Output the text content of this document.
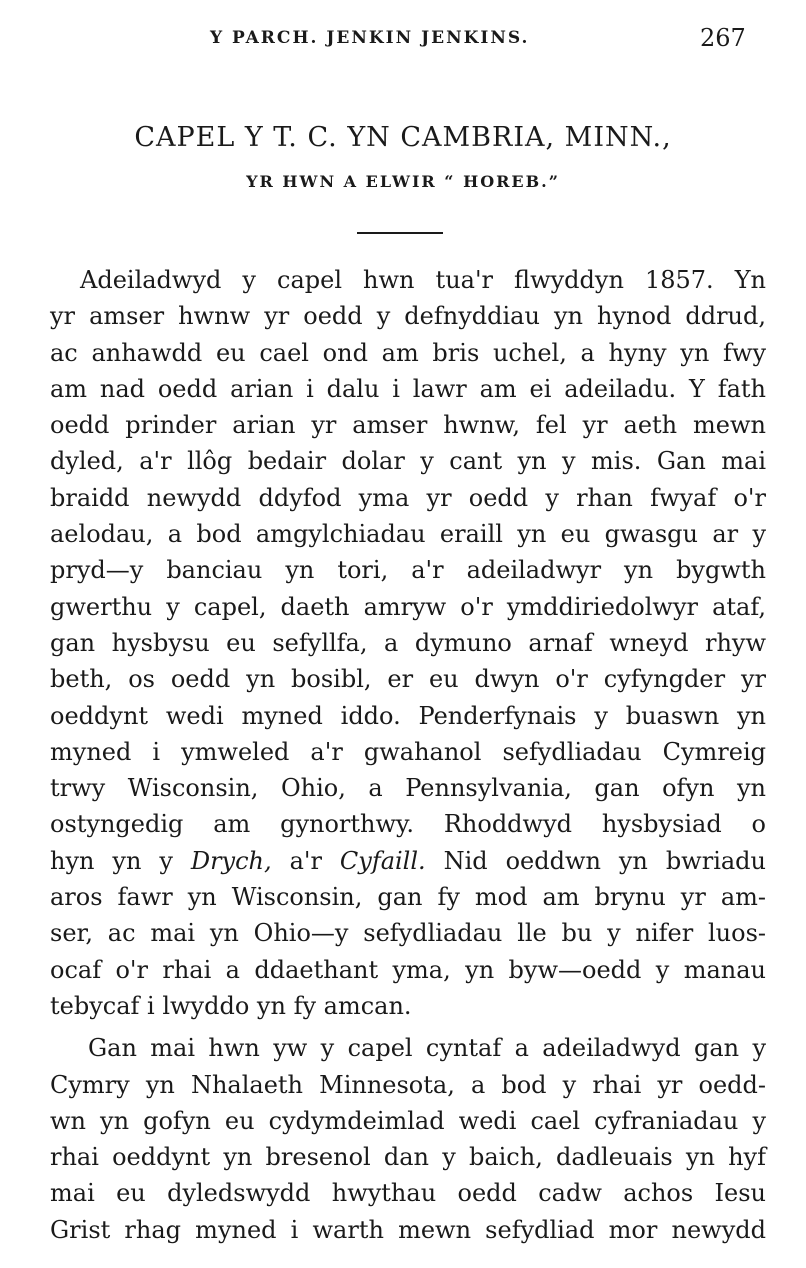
Y PARCH. JENKIN JENKINS.	267
CAPEL Y T. C. YN CAMBRIA, MINN.,
YR HWN A ELWIR “ HOREB.”
Adeiladwyd y capel hwn tua'r flwyddyn 1857. Yn
yr amser hwnw yr oedd y defnyddiau yn hynod ddrud,
ac anhawdd eu cael ond am bris uchel, a hyny yn fwy
am nad oedd arian i dalu i lawr am ei adeiladu. Y fath
oedd prinder arian yr amser hwnw, fel yr aeth mewn
dyled, a'r llôg bedair dolar y cant yn y mis. Gan mai
braidd newydd ddyfod yma yr oedd y rhan fwyaf o'r
aelodau, a bod amgylchiadau eraill yn eu gwasgu ar y
pryd—y banciau yn tori, a'r adeiladwyr yn bygwth
gwerthu y capel, daeth amryw o'r ymddiriedolwyr ataf,
gan hysbysu eu sefyllfa, a dymuno arnaf wneyd rhyw
beth, os oedd yn bosibl, er eu dwyn o'r cyfyngder yr
oeddynt wedi myned iddo. Penderfynais y buaswn yn
myned i ymweled a'r gwahanol sefydliadau Cymreig
trwy Wisconsin, Ohio, a Pennsylvania, gan ofyn yn
ostyngedig am gynorthwy. Rhoddwyd hysbysiad o
hyn yn y Drych, a'r Cyfaill. Nid oeddwn yn bwriadu
aros fawr yn Wisconsin, gan fy mod am brynu yr am-
ser, ac mai yn Ohio—y sefydliadau lle bu y nifer luos-
ocaf o'r rhai a ddaethant yma, yn byw—oedd y manau
tebycaf i lwyddo yn fy amcan.
Gan mai hwn yw y capel cyntaf a adeiladwyd gan y
Cymry yn Nhalaeth Minnesota, a bod y rhai yr oedd-
wn yn gofyn eu cydymdeimlad wedi cael cyfraniadau y
rhai oeddynt yn bresenol dan y baich, dadleuais yn hyf
mai eu dyledswydd hwythau oedd cadw achos Iesu
Grist rhag myned i warth mewn sefydliad mor newydd
